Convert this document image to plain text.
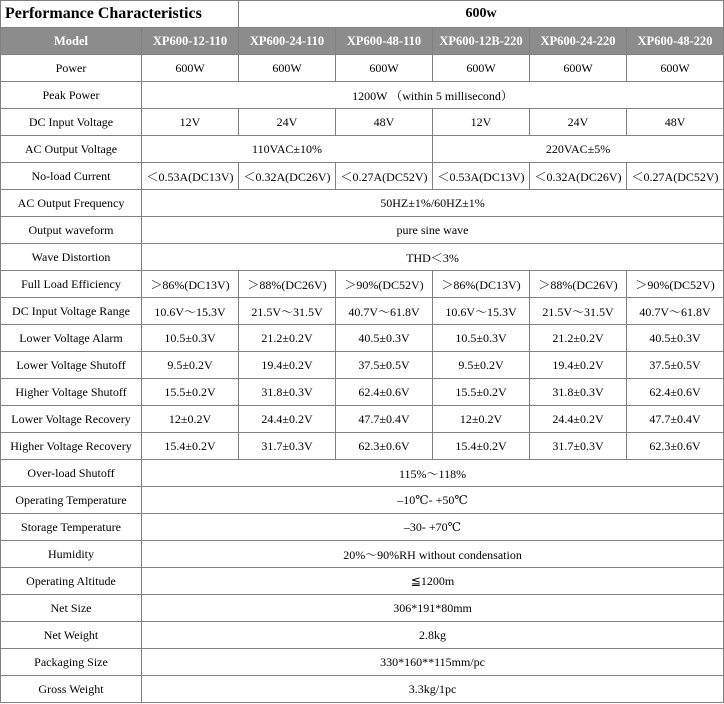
Performance Characteristics		600w				
Model	XP600-12-110	XP600-24-110	XP600-48-110	XP600-12B-220	XP600-24-220	XP600-48-220
Power	600W	600W	600W	600W	600W	600W
Peak Power	1200W （within 5 millisecond）					
DC Input Voltage	12V	24V	48V	12V	24V	48V
AC Output Voltage	110VAC±10%			220VAC±5%		
No-load Current	＜0.53A(DC13V)	＜0.32A(DC26V)	＜0.27A(DC52V)	＜0.53A(DC13V)	＜0.32A(DC26V)	＜0.27A(DC52V)
AC Output Frequency	50HZ±1%/60HZ±1%					
Output waveform	pure sine wave					
Wave Distortion	THD＜3%					
Full Load Efficiency	＞86%(DC13V)	＞88%(DC26V)	＞90%(DC52V)	＞86%(DC13V)	＞88%(DC26V)	＞90%(DC52V)
DC Input Voltage Range	10.6V～15.3V	21.5V～31.5V	40.7V～61.8V	10.6V～15.3V	21.5V～31.5V	40.7V～61.8V
Lower Voltage Alarm	10.5±0.3V	21.2±0.2V	40.5±0.3V	10.5±0.3V	21.2±0.2V	40.5±0.3V
Lower Voltage Shutoff	9.5±0.2V	19.4±0.2V	37.5±0.5V	9.5±0.2V	19.4±0.2V	37.5±0.5V
Higher Voltage Shutoff	15.5±0.2V	31.8±0.3V	62.4±0.6V	15.5±0.2V	31.8±0.3V	62.4±0.6V
Lower Voltage Recovery	12±0.2V	24.4±0.2V	47.7±0.4V	12±0.2V	24.4±0.2V	47.7±0.4V
Higher Voltage Recovery	15.4±0.2V	31.7±0.3V	62.3±0.6V	15.4±0.2V	31.7±0.3V	62.3±0.6V
Over-load Shutoff	115%～118%					
Operating Temperature	–10℃- +50℃					
Storage Temperature	–30- +70℃					
Humidity	20%～90%RH without condensation					
Operating Altitude	≦1200m					
Net Size	306*191*80mm					
Net Weight	2.8kg					
Packaging Size	330*160**115mm/pc					
Gross Weight	3.3kg/1pc					
